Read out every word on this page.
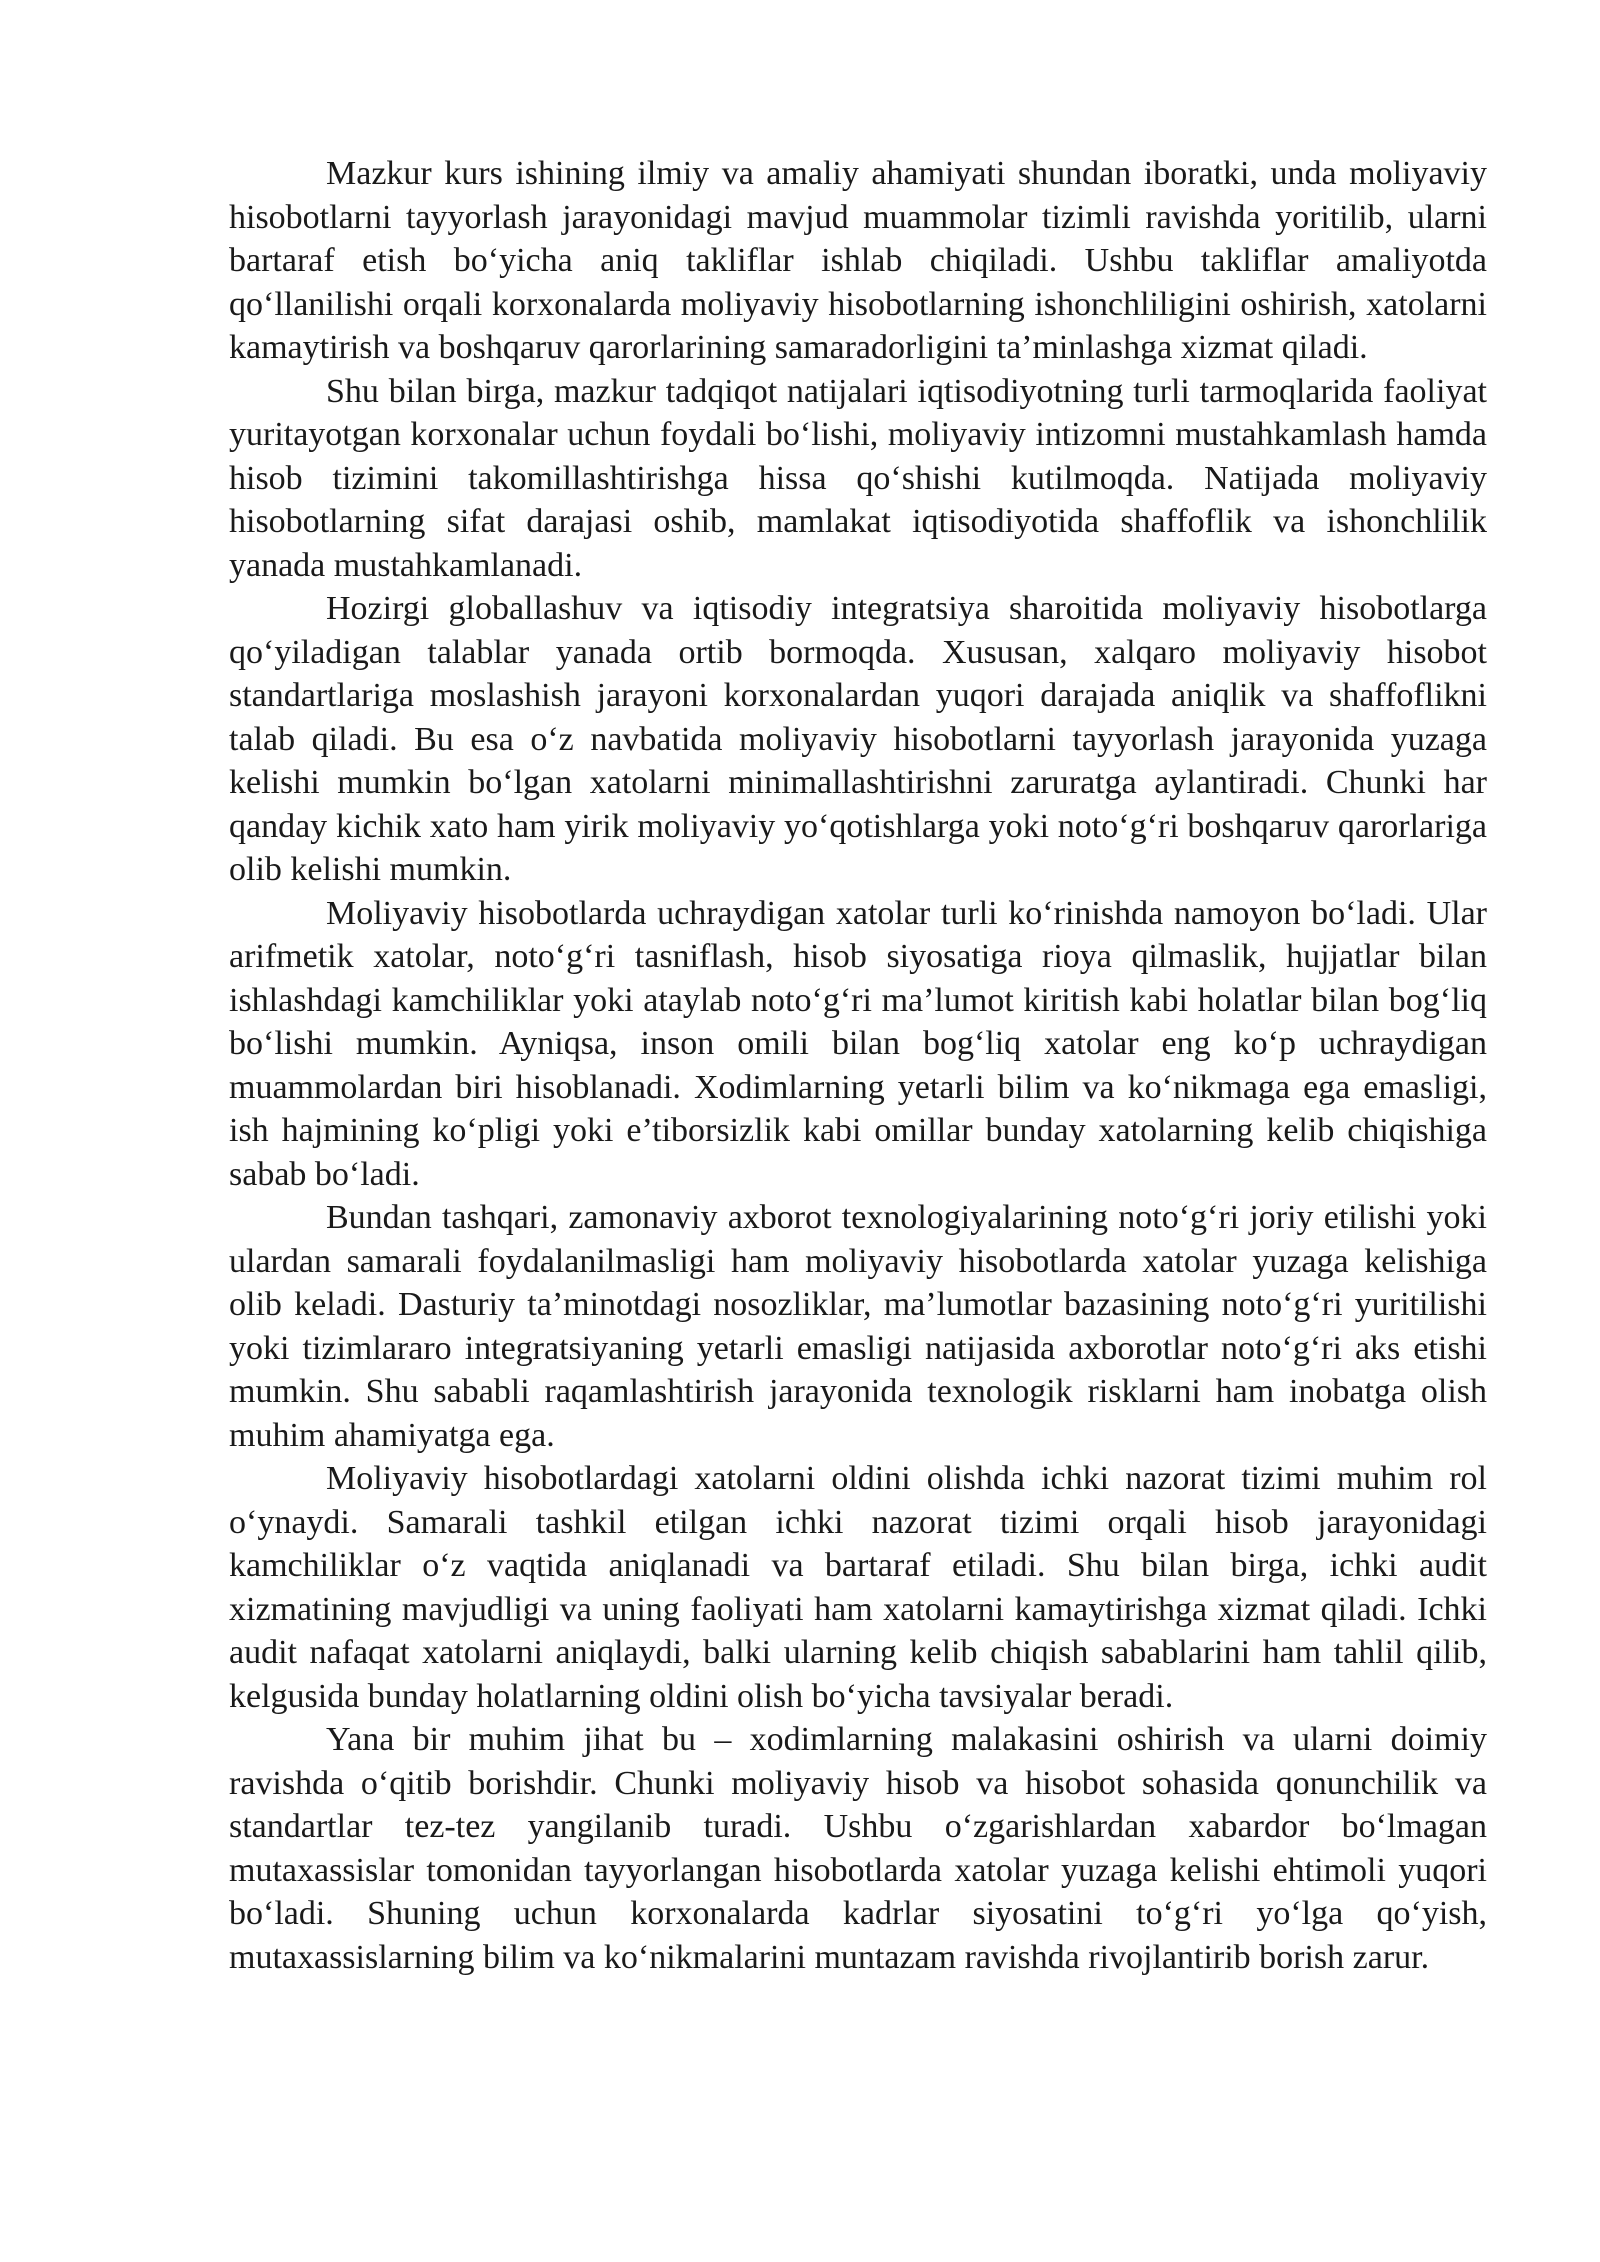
Mazkur kurs ishining ilmiy va amaliy ahamiyati shundan iboratki, unda moliyaviy hisobotlarni tayyorlash jarayonidagi mavjud muammolar tizimli ravishda yoritilib, ularni bartaraf etish bo‘yicha aniq takliflar ishlab chiqiladi. Ushbu takliflar amaliyotda qo‘llanilishi orqali korxonalarda moliyaviy hisobotlarning ishonchliligini oshirish, xatolarni kamaytirish va boshqaruv qarorlarining samaradorligini ta’minlashga xizmat qiladi.

Shu bilan birga, mazkur tadqiqot natijalari iqtisodiyotning turli tarmoqlarida faoliyat yuritayotgan korxonalar uchun foydali bo‘lishi, moliyaviy intizomni mustahkamlash hamda hisob tizimini takomillashtirishga hissa qo‘shishi kutilmoqda. Natijada moliyaviy hisobotlarning sifat darajasi oshib, mamlakat iqtisodiyotida shaffoflik va ishonchlilik yanada mustahkamlanadi.

Hozirgi globallashuv va iqtisodiy integratsiya sharoitida moliyaviy hisobotlarga qo‘yiladigan talablar yanada ortib bormoqda. Xususan, xalqaro moliyaviy hisobot standartlariga moslashish jarayoni korxonalardan yuqori darajada aniqlik va shaffoflikni talab qiladi. Bu esa o‘z navbatida moliyaviy hisobotlarni tayyorlash jarayonida yuzaga kelishi mumkin bo‘lgan xatolarni minimallashtirishni zaruratga aylantiradi. Chunki har qanday kichik xato ham yirik moliyaviy yo‘qotishlarga yoki noto‘g‘ri boshqaruv qarorlariga olib kelishi mumkin.

Moliyaviy hisobotlarda uchraydigan xatolar turli ko‘rinishda namoyon bo‘ladi. Ular arifmetik xatolar, noto‘g‘ri tasniflash, hisob siyosatiga rioya qilmaslik, hujjatlar bilan ishlashdagi kamchiliklar yoki ataylab noto‘g‘ri ma’lumot kiritish kabi holatlar bilan bog‘liq bo‘lishi mumkin. Ayniqsa, inson omili bilan bog‘liq xatolar eng ko‘p uchraydigan muammolardan biri hisoblanadi. Xodimlarning yetarli bilim va ko‘nikmaga ega emasligi, ish hajmining ko‘pligi yoki e’tiborsizlik kabi omillar bunday xatolarning kelib chiqishiga sabab bo‘ladi.

Bundan tashqari, zamonaviy axborot texnologiyalarining noto‘g‘ri joriy etilishi yoki ulardan samarali foydalanilmasligi ham moliyaviy hisobotlarda xatolar yuzaga kelishiga olib keladi. Dasturiy ta’minotdagi nosozliklar, ma’lumotlar bazasining noto‘g‘ri yuritilishi yoki tizimlararo integratsiyaning yetarli emasligi natijasida axborotlar noto‘g‘ri aks etishi mumkin. Shu sababli raqamlashtirish jarayonida texnologik risklarni ham inobatga olish muhim ahamiyatga ega.

Moliyaviy hisobotlardagi xatolarni oldini olishda ichki nazorat tizimi muhim rol o‘ynaydi. Samarali tashkil etilgan ichki nazorat tizimi orqali hisob jarayonidagi kamchiliklar o‘z vaqtida aniqlanadi va bartaraf etiladi. Shu bilan birga, ichki audit xizmatining mavjudligi va uning faoliyati ham xatolarni kamaytirishga xizmat qiladi. Ichki audit nafaqat xatolarni aniqlaydi, balki ularning kelib chiqish sabablarini ham tahlil qilib, kelgusida bunday holatlarning oldini olish bo‘yicha tavsiyalar beradi.

Yana bir muhim jihat bu – xodimlarning malakasini oshirish va ularni doimiy ravishda o‘qitib borishdir. Chunki moliyaviy hisob va hisobot sohasida qonunchilik va standartlar tez-tez yangilanib turadi. Ushbu o‘zgarishlardan xabardor bo‘lmagan mutaxassislar tomonidan tayyorlangan hisobotlarda xatolar yuzaga kelishi ehtimoli yuqori bo‘ladi. Shuning uchun korxonalarda kadrlar siyosatini to‘g‘ri yo‘lga qo‘yish, mutaxassislarning bilim va ko‘nikmalarini muntazam ravishda rivojlantirib borish zarur.
